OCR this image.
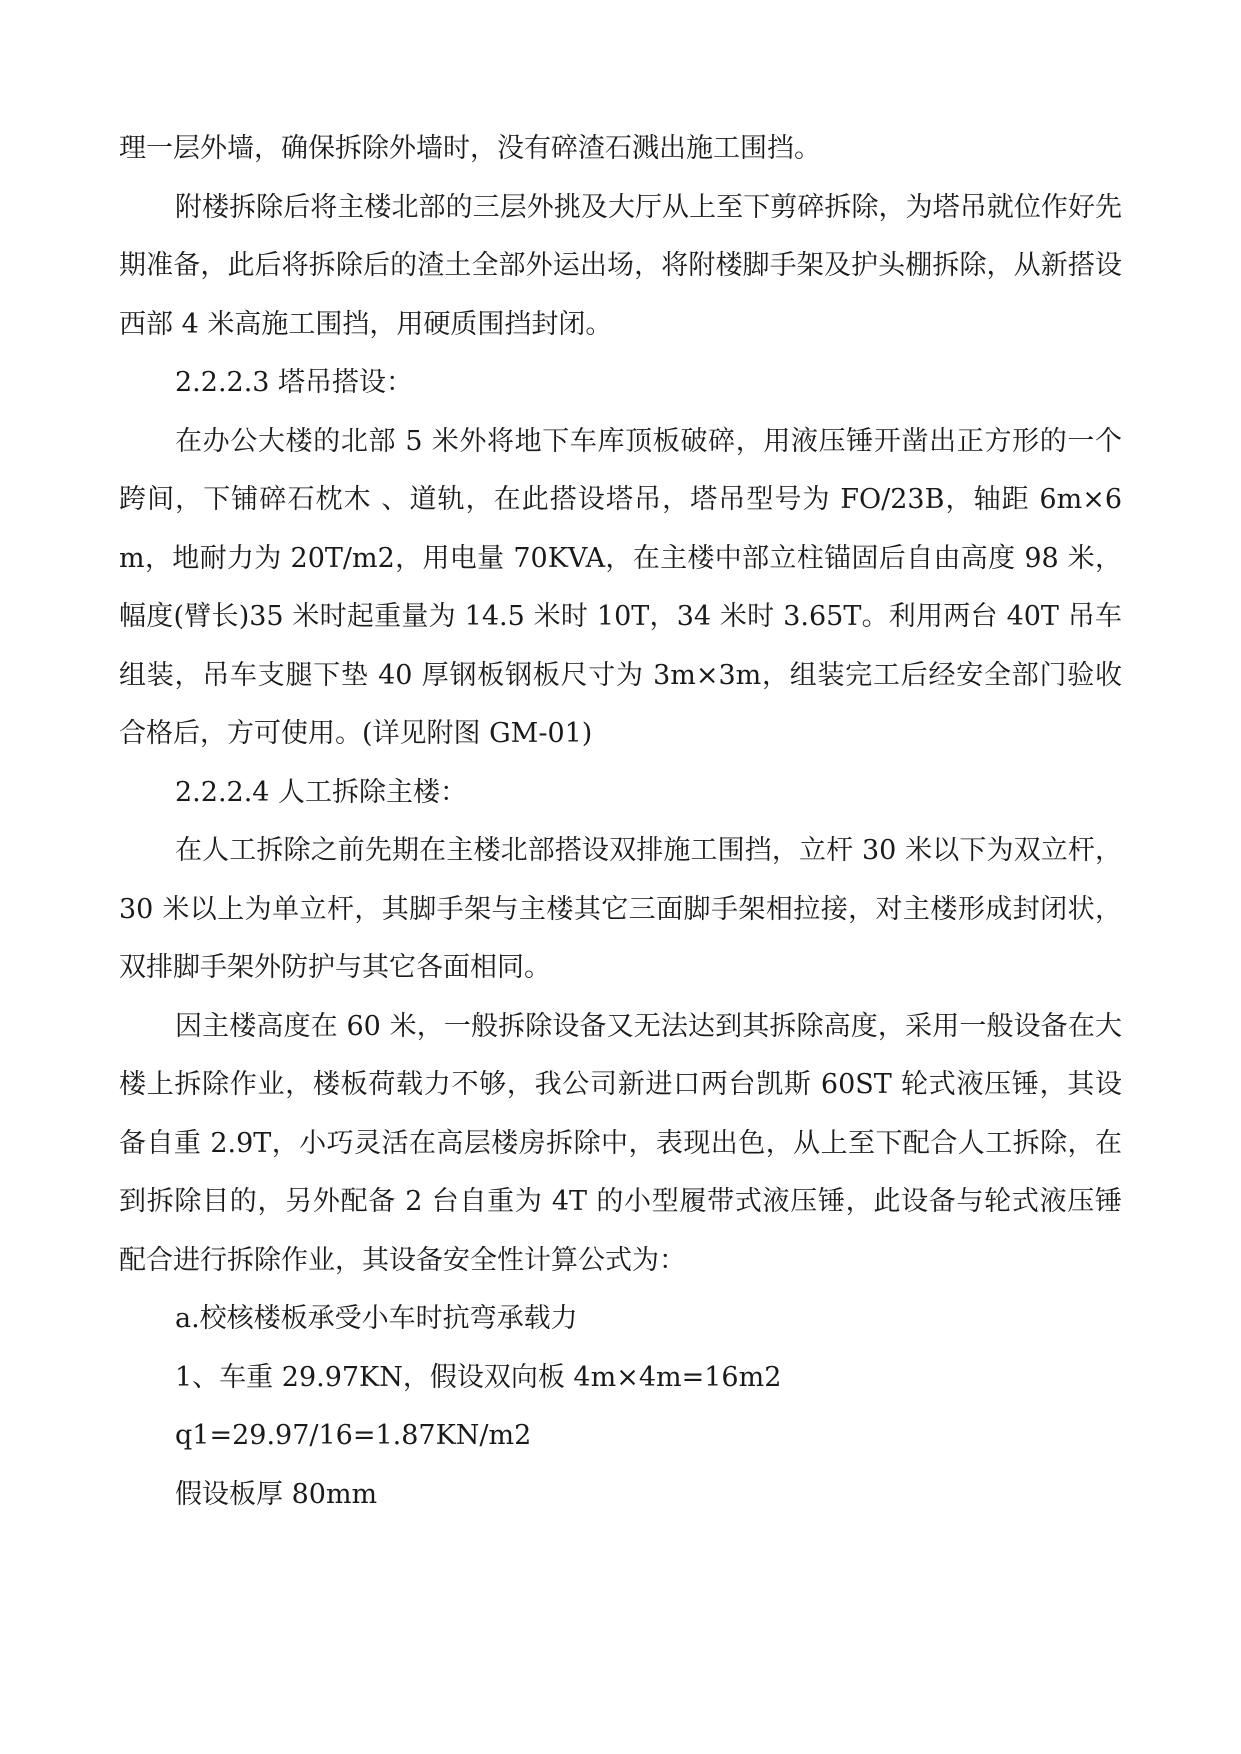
理一层外墙，确保拆除外墙时，没有碎渣石溅出施工围挡。

附楼拆除后将主楼北部的三层外挑及大厅从上至下剪碎拆除，为塔吊就位作好先期准备，此后将拆除后的渣土全部外运出场，将附楼脚手架及护头棚拆除，从新搭设西部 4 米高施工围挡，用硬质围挡封闭。

2.2.2.3 塔吊搭设：

在办公大楼的北部 5 米外将地下车库顶板破碎，用液压锤开凿出正方形的一个跨间，下铺碎石枕木 、道轨，在此搭设塔吊，塔吊型号为 FO/23B，轴距 6m×6m，地耐力为 20T/m2，用电量 70KVA，在主楼中部立柱锚固后自由高度 98 米，幅度(臂长)35 米时起重量为 14.5 米时 10T，34 米时 3.65T。利用两台 40T 吊车组装，吊车支腿下垫 40 厚钢板钢板尺寸为 3m×3m，组装完工后经安全部门验收合格后，方可使用。(详见附图 GM-01)

2.2.2.4 人工拆除主楼：

在人工拆除之前先期在主楼北部搭设双排施工围挡，立杆 30 米以下为双立杆，30 米以上为单立杆，其脚手架与主楼其它三面脚手架相拉接，对主楼形成封闭状，双排脚手架外防护与其它各面相同。

因主楼高度在 60 米，一般拆除设备又无法达到其拆除高度，采用一般设备在大楼上拆除作业，楼板荷载力不够，我公司新进口两台凯斯 60ST 轮式液压锤，其设备自重 2.9T，小巧灵活在高层楼房拆除中，表现出色，从上至下配合人工拆除，在到拆除目的，另外配备 2 台自重为 4T 的小型履带式液压锤，此设备与轮式液压锤配合进行拆除作业，其设备安全性计算公式为：

a.校核楼板承受小车时抗弯承载力

1、车重 29.97KN，假设双向板 4m×4m=16m2

q1=29.97/16=1.87KN/m2

假设板厚 80mm
